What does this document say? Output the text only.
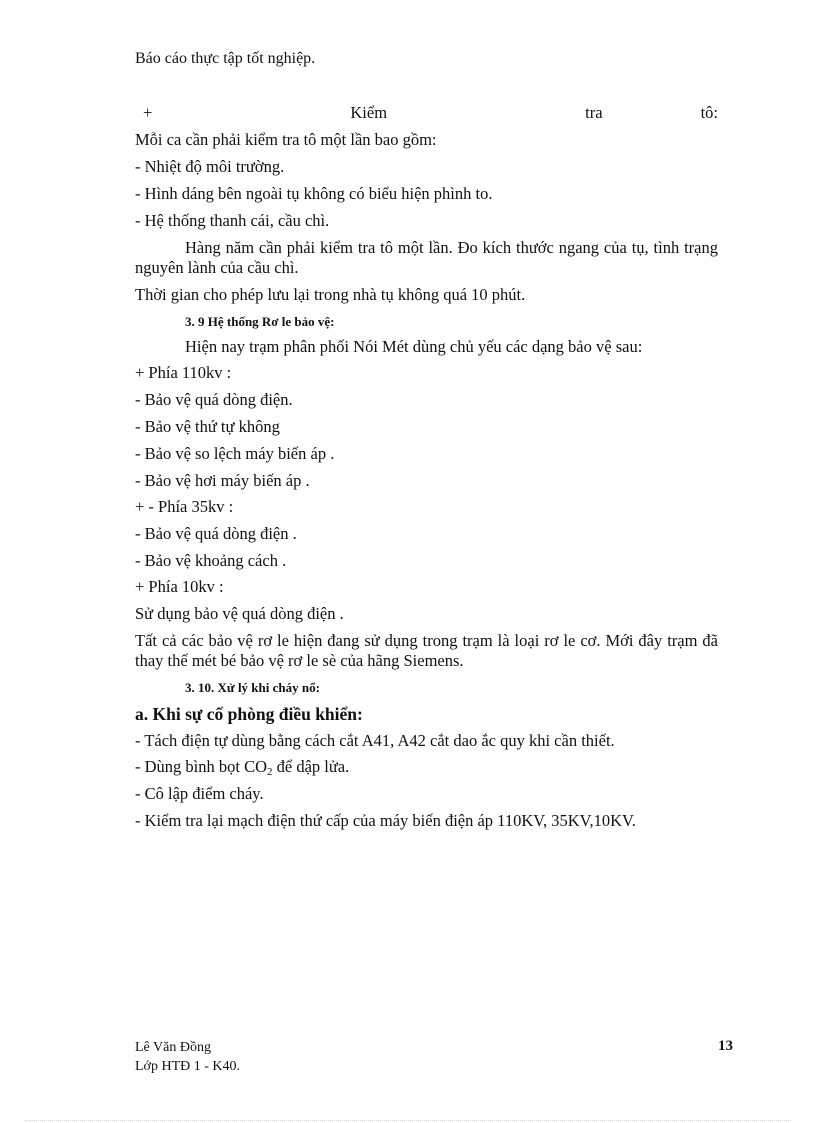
Báo cáo thực tập tốt nghiệp.
+	Kiểm	tra	tô:
Mỗi ca cần phải kiểm tra tô một lần bao gồm:
- Nhiệt độ môi trường.
- Hình dáng bên ngoài tụ không có biểu hiện phình to.
- Hệ thống thanh cái, cầu chì.
Hàng năm cần phải kiểm tra tô một lần. Đo kích thước ngang của tụ, tình trạng nguyên lành của cầu chì.
Thời gian cho phép lưu lại trong nhà tụ không quá 10 phút.
3. 9 Hệ thống Rơ le bảo vệ:
Hiện nay trạm phân phối Nói Mét dùng chủ yếu các dạng bảo vệ sau:
+ Phía 110kv :
- Bảo vệ quá dòng điện.
- Bảo vệ thứ tự không
- Bảo vệ so lệch máy biến áp .
- Bảo vệ hơi máy biến áp .
+ - Phía 35kv :
- Bảo vệ quá dòng điện .
- Bảo vệ khoảng cách .
+ Phía 10kv :
Sử dụng bảo vệ quá dòng điện .
Tất cả các bảo vệ rơ le hiện đang sử dụng trong trạm là loại rơ le cơ. Mới đây trạm đã thay thế mét bé bảo vệ rơ le sè của hãng Siemens.
3. 10. Xử lý khi cháy nổ:
a. Khi sự cố phòng điều khiển:
- Tách điện tự dùng bằng cách cắt A41, A42 cắt dao ắc quy khi cần thiết.
- Dùng bình bọt $CO_2$ để dập lửa.
- Cô lập điểm cháy.
- Kiểm tra lại mạch điện thứ cấp của máy biến điện áp 110KV, 35KV,10KV.
Lê Văn Đồng
Lớp HTĐ 1 - K40.
13
